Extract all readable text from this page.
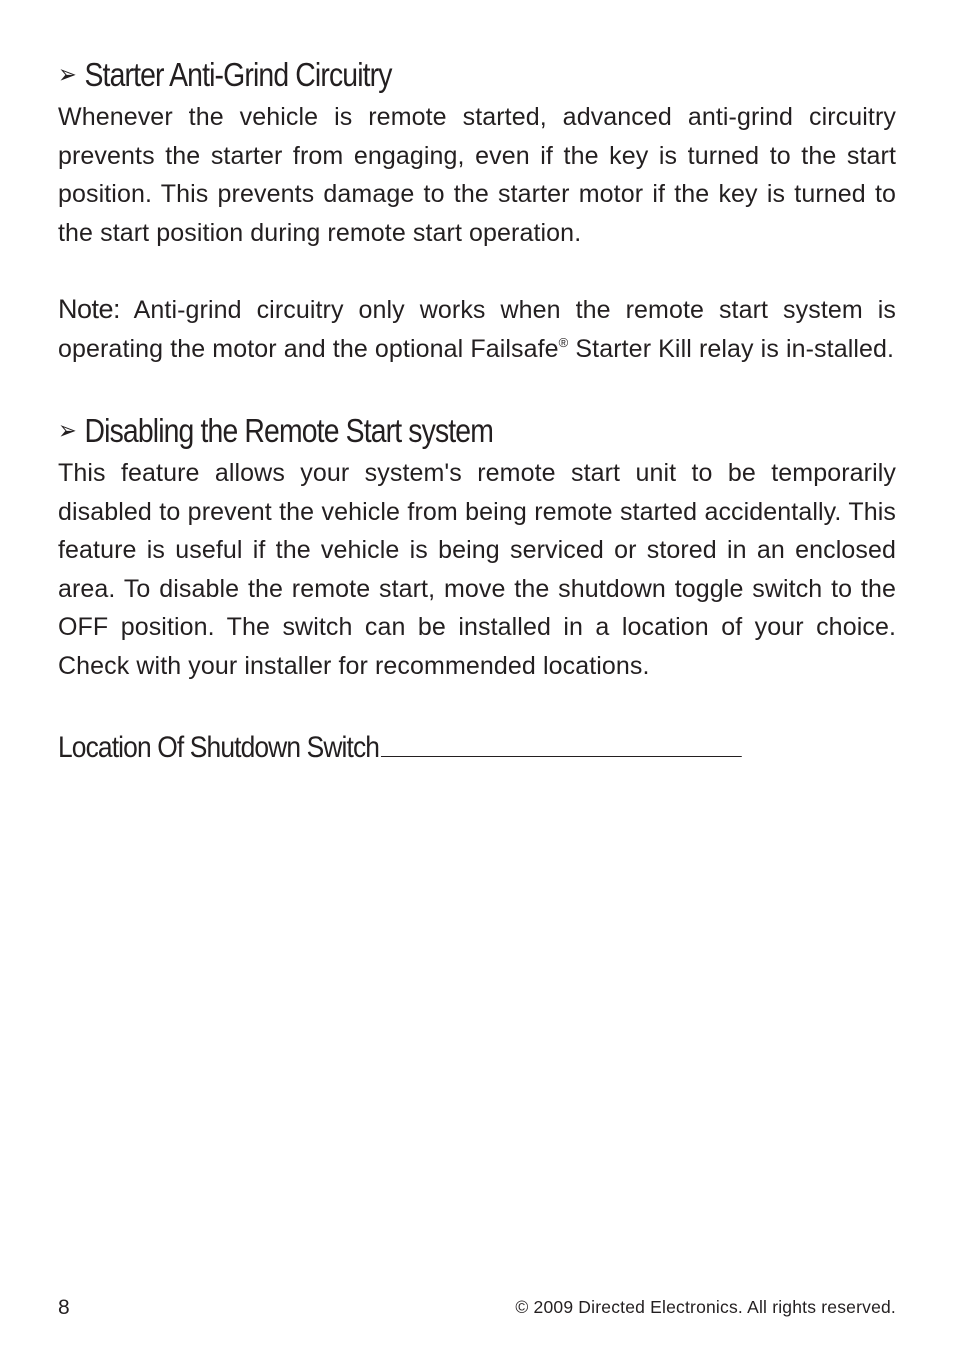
➢ Starter Anti-Grind Circuitry

Whenever the vehicle is remote started, advanced anti-grind circuitry prevents the starter from engaging, even if the key is turned to the start position. This prevents damage to the starter motor if the key is turned to the start position during remote start operation.

Note: Anti-grind circuitry only works when the remote start system is operating the motor and the optional Failsafe® Starter Kill relay is in-stalled.

➢ Disabling the Remote Start system

This feature allows your system's remote start unit to be temporarily disabled to prevent the vehicle from being remote started accidentally. This feature is useful if the vehicle is being serviced or stored in an enclosed area. To disable the remote start, move the shutdown toggle switch to the OFF position. The switch can be installed in a location of your choice. Check with your installer for recommended locations.

Location Of Shutdown Switch
8	© 2009 Directed Electronics. All rights reserved.
